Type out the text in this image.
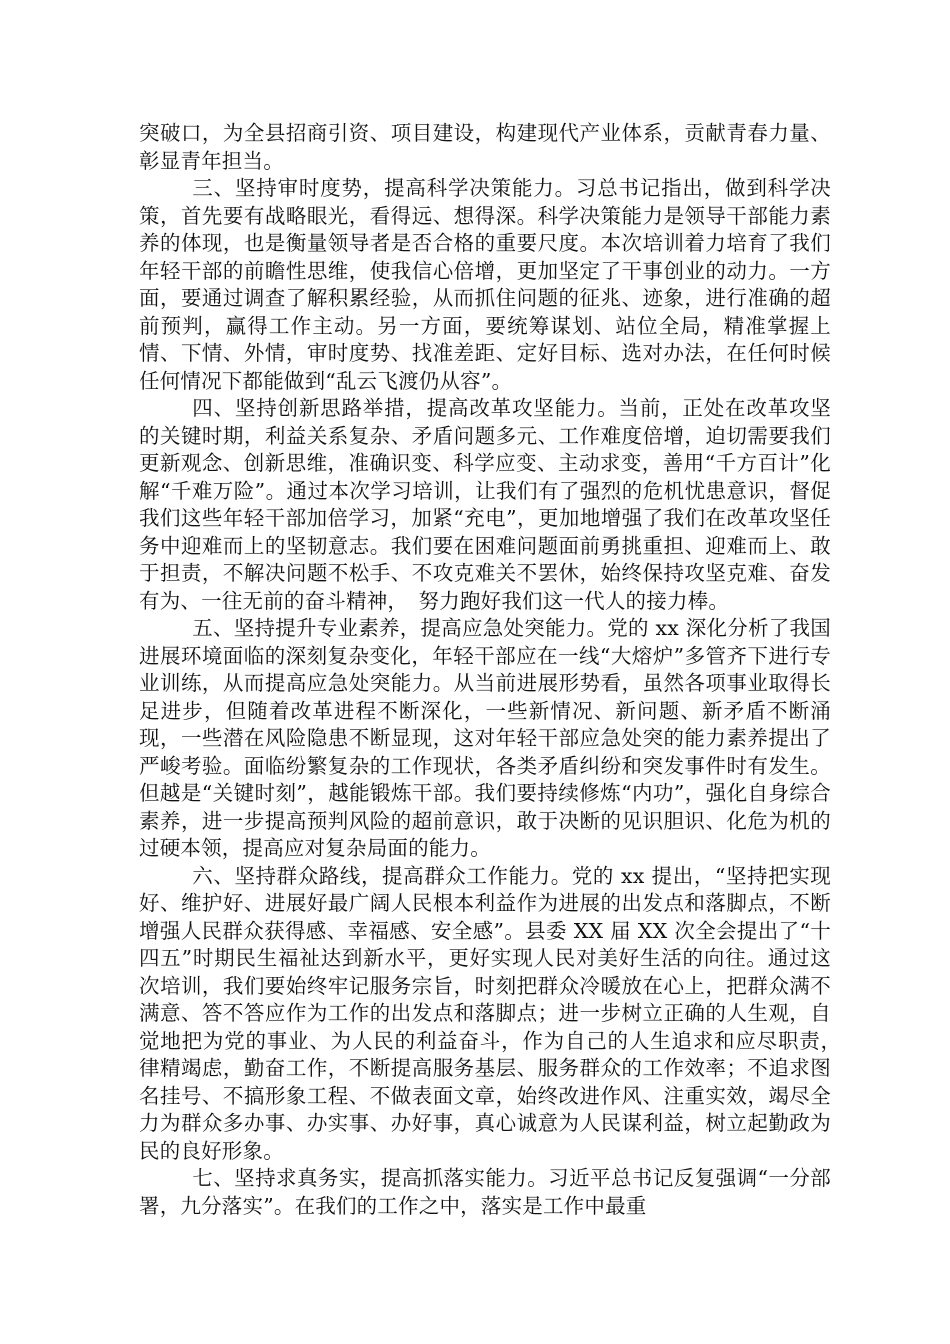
突破口，为全县招商引资、项目建设，构建现代产业体系，贡献青春力量、彰显青年担当。

三、坚持审时度势，提高科学决策能力。习总书记指出，做到科学决策，首先要有战略眼光，看得远、想得深。科学决策能力是领导干部能力素养的体现，也是衡量领导者是否合格的重要尺度。本次培训着力培育了我们年轻干部的前瞻性思维，使我信心倍增，更加坚定了干事创业的动力。一方面，要通过调查了解积累经验，从而抓住问题的征兆、迹象，进行准确的超前预判，赢得工作主动。另一方面，要统筹谋划、站位全局，精准掌握上情、下情、外情，审时度势、找准差距、定好目标、选对办法，在任何时候任何情况下都能做到“乱云飞渡仍从容”。

四、坚持创新思路举措，提高改革攻坚能力。当前，正处在改革攻坚的关键时期，利益关系复杂、矛盾问题多元、工作难度倍增，迫切需要我们更新观念、创新思维，准确识变、科学应变、主动求变，善用“千方百计”化解“千难万险”。通过本次学习培训，让我们有了强烈的危机忧患意识，督促我们这些年轻干部加倍学习，加紧“充电”，更加地增强了我们在改革攻坚任务中迎难而上的坚韧意志。我们要在困难问题面前勇挑重担、迎难而上、敢于担责，不解决问题不松手、不攻克难关不罢休，始终保持攻坚克难、奋发有为、一往无前的奋斗精神，　努力跑好我们这一代人的接力棒。

五、坚持提升专业素养，提高应急处突能力。党的 xx 深化分析了我国进展环境面临的深刻复杂变化，年轻干部应在一线“大熔炉”多管齐下进行专业训练，从而提高应急处突能力。从当前进展形势看，虽然各项事业取得长足进步，但随着改革进程不断深化，一些新情况、新问题、新矛盾不断涌现，一些潜在风险隐患不断显现，这对年轻干部应急处突的能力素养提出了严峻考验。面临纷繁复杂的工作现状，各类矛盾纠纷和突发事件时有发生。但越是“关键时刻”，越能锻炼干部。我们要持续修炼“内功”，强化自身综合素养，进一步提高预判风险的超前意识，敢于决断的见识胆识、化危为机的过硬本领，提高应对复杂局面的能力。

六、坚持群众路线，提高群众工作能力。党的 xx 提出，“坚持把实现好、维护好、进展好最广阔人民根本利益作为进展的出发点和落脚点，不断增强人民群众获得感、幸福感、安全感”。县委 XX 届 XX 次全会提出了“十四五”时期民生福祉达到新水平，更好实现人民对美好生活的向往。通过这次培训，我们要始终牢记服务宗旨，时刻把群众冷暖放在心上，把群众满不满意、答不答应作为工作的出发点和落脚点；进一步树立正确的人生观，自觉地把为党的事业、为人民的利益奋斗，作为自己的人生追求和应尽职责，　律精竭虑，勤奋工作，不断提高服务基层、服务群众的工作效率；不追求图名挂号、不搞形象工程、不做表面文章，始终改进作风、注重实效，竭尽全力为群众多办事、办实事、办好事，真心诚意为人民谋利益，树立起勤政为民的良好形象。

七、坚持求真务实，提高抓落实能力。习近平总书记反复强调“一分部署，九分落实”。在我们的工作之中，落实是工作中最重
